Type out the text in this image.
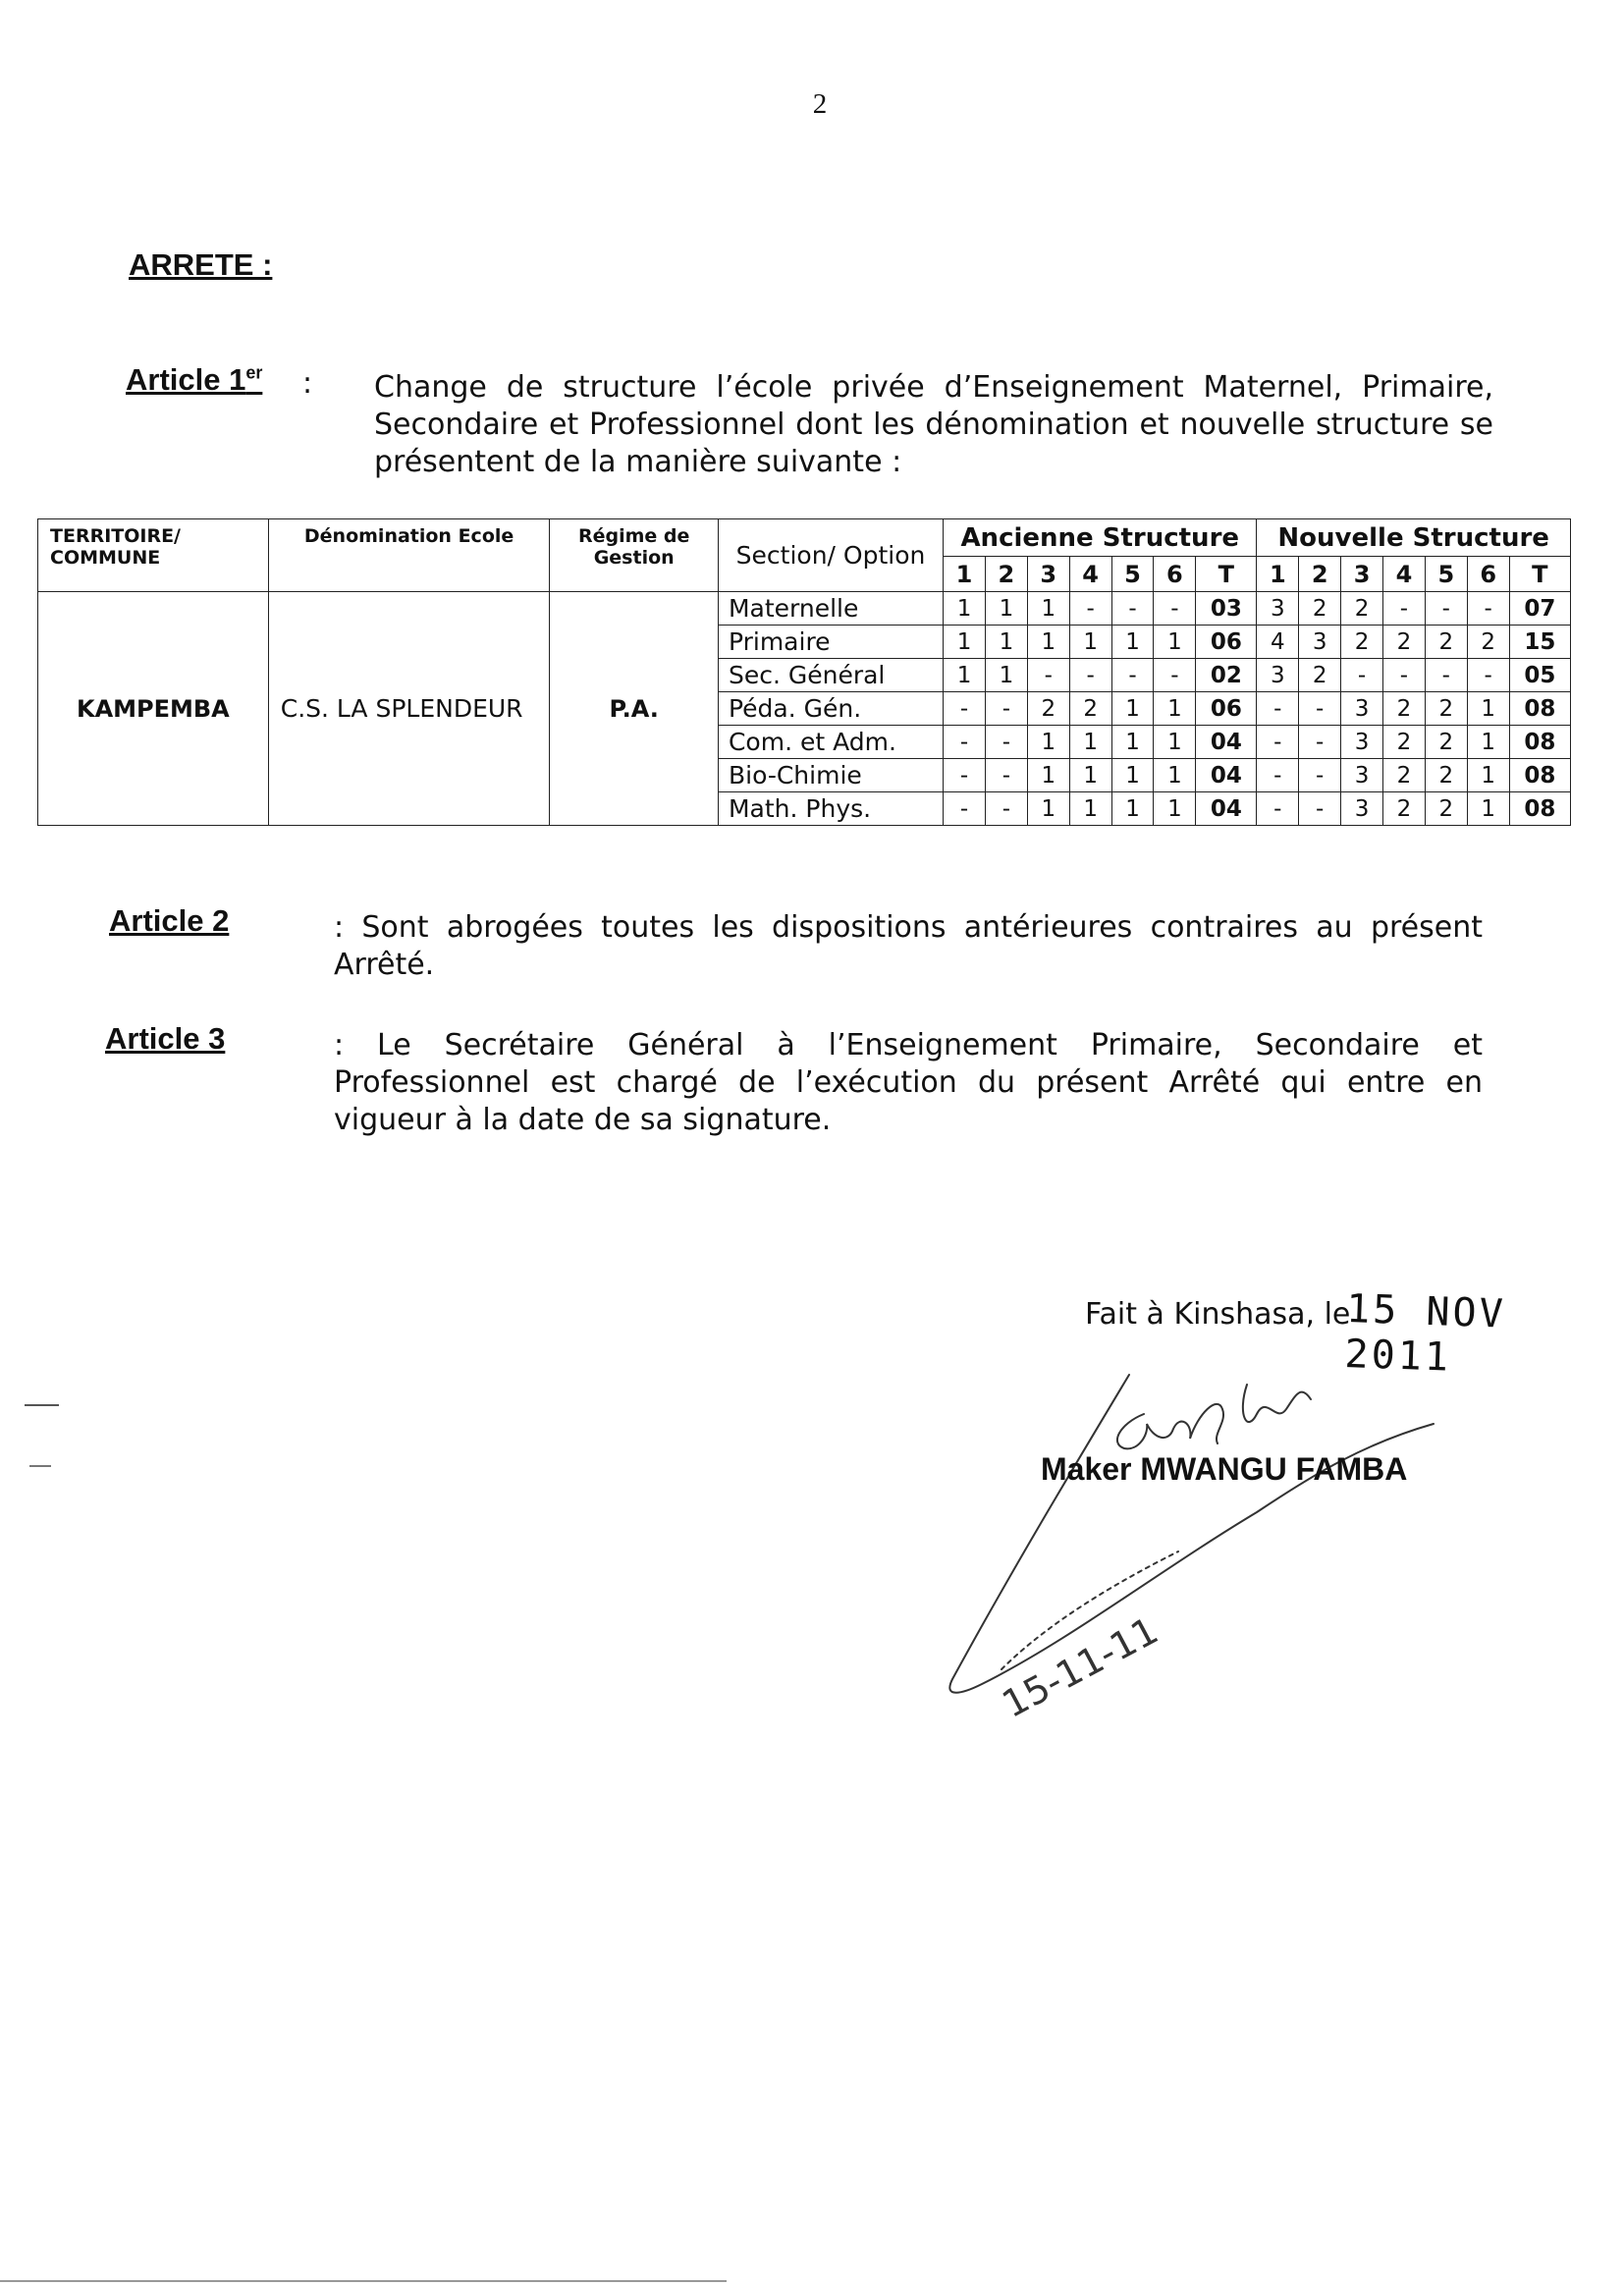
2
ARRETE :
Article 1er : Change de structure l’école privée d’Enseignement Maternel, Primaire, Secondaire et Professionnel dont les dénomination et nouvelle structure se présentent de la manière suivante :
TERRITOIRE/ COMMUNE	Dénomination Ecole	Régime de Gestion	Section/ Option	Ancienne Structure							Nouvelle Structure						
				1	2	3	4	5	6	T	1	2	3	4	5	6	T
KAMPEMBA	C.S. LA SPLENDEUR	P.A.	Maternelle	1	1	1	-	-	-	03	3	2	2	-	-	-	07
			Primaire	1	1	1	1	1	1	06	4	3	2	2	2	2	15
			Sec. Général	1	1	-	-	-	-	02	3	2	-	-	-	-	05
			Péda. Gén.	-	-	2	2	1	1	06	-	-	3	2	2	1	08
			Com. et Adm.	-	-	1	1	1	1	04	-	-	3	2	2	1	08
			Bio-Chimie	-	-	1	1	1	1	04	-	-	3	2	2	1	08
			Math. Phys.	-	-	1	1	1	1	04	-	-	3	2	2	1	08
Article 2	: Sont abrogées toutes les dispositions antérieures contraires au présent Arrêté.
Article 3	: Le Secrétaire Général à l’Enseignement Primaire, Secondaire et Professionnel est chargé de l’exécution du présent Arrêté qui entre en vigueur à la date de sa signature.
Fait à Kinshasa, le
15 NOV 2011
15-11-11
Maker MWANGU FAMBA
